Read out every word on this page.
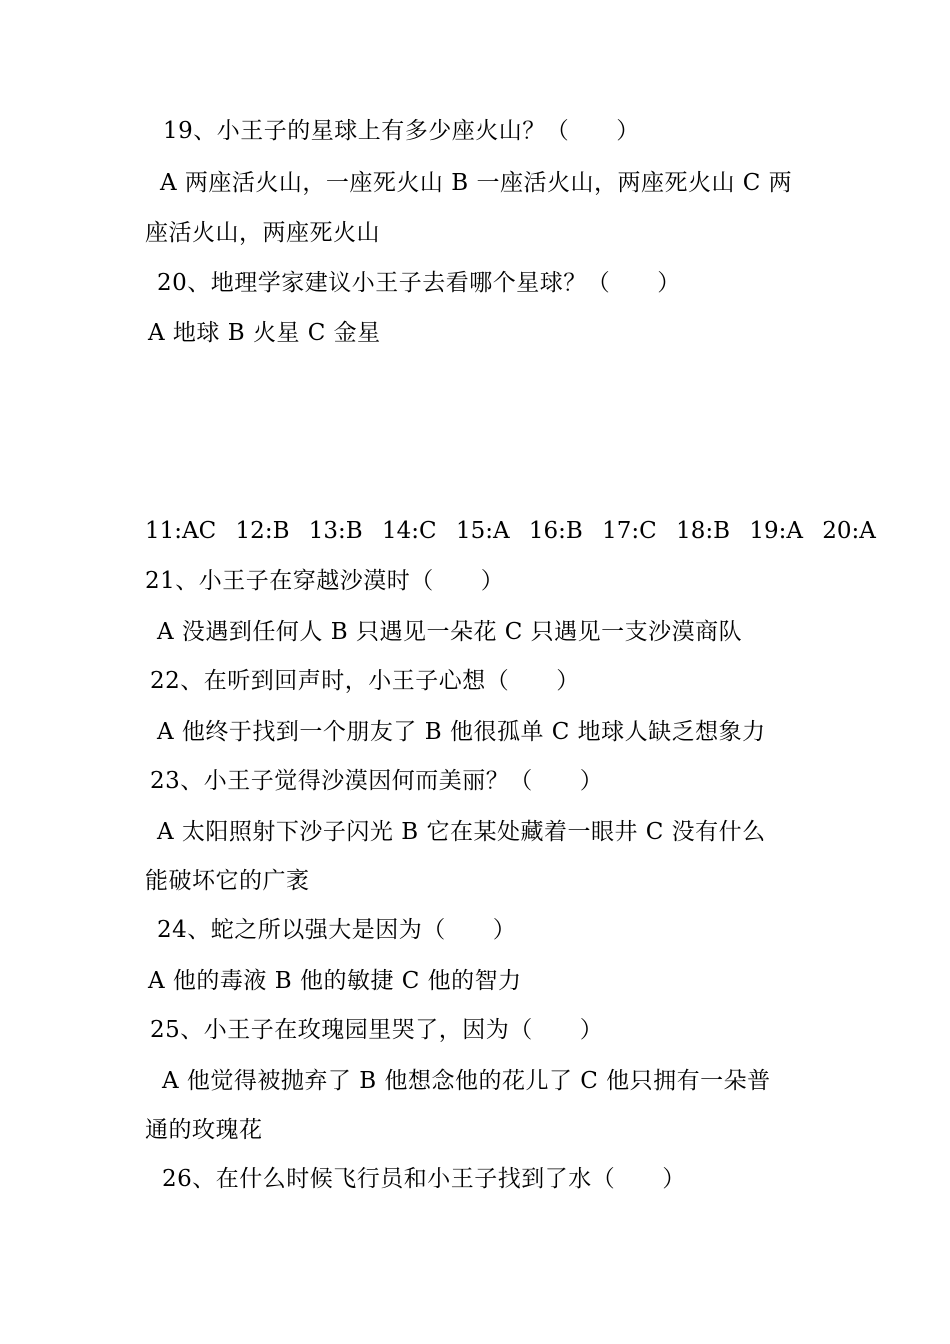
19、小王子的星球上有多少座火山？（　　）
A 两座活火山，一座死火山 B 一座活火山，两座死火山 C 两
座活火山，两座死火山
20、地理学家建议小王子去看哪个星球？（　　）
A 地球 B 火星 C 金星
11:AC 12:B 13:B 14:C 15:A 16:B 17:C 18:B 19:A 20:A
21、小王子在穿越沙漠时（　　）
A 没遇到任何人 B 只遇见一朵花 C 只遇见一支沙漠商队
22、在听到回声时，小王子心想（　　）
A 他终于找到一个朋友了 B 他很孤单 C 地球人缺乏想象力
23、小王子觉得沙漠因何而美丽？（　　）
A 太阳照射下沙子闪光 B 它在某处藏着一眼井 C 没有什么
能破坏它的广袤
24、蛇之所以强大是因为（　　）
A 他的毒液 B 他的敏捷 C 他的智力
25、小王子在玫瑰园里哭了，因为（　　）
A 他觉得被抛弃了 B 他想念他的花儿了 C 他只拥有一朵普
通的玫瑰花
26、在什么时候飞行员和小王子找到了水（　　）
